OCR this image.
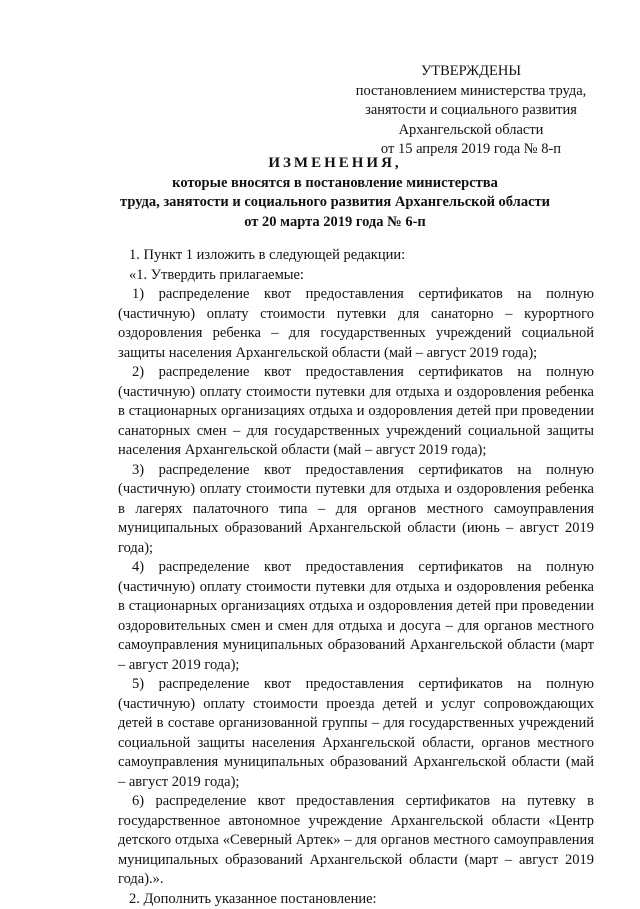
УТВЕРЖДЕНЫ
постановлением министерства труда,
занятости и социального развития
Архангельской области
от 15 апреля 2019 года № 8-п
ИЗМЕНЕНИЯ,
которые вносятся в постановление министерства
труда, занятости и социального развития Архангельской области
от 20 марта 2019 года № 6-п

1. Пункт 1 изложить в следующей редакции:

«1. Утвердить прилагаемые:

1) распределение квот предоставления сертификатов на полную (частичную) оплату стоимости путевки для санаторно – курортного оздоровления ребенка – для государственных учреждений социальной защиты населения Архангельской области (май – август 2019 года);

2) распределение квот предоставления сертификатов на полную (частичную) оплату стоимости путевки для отдыха и оздоровления ребенка в стационарных организациях отдыха и оздоровления детей при проведении санаторных смен – для государственных учреждений социальной защиты населения Архангельской области (май – август 2019 года);

3) распределение квот предоставления сертификатов на полную (частичную) оплату стоимости путевки для отдыха и оздоровления ребенка в лагерях палаточного типа – для органов местного самоуправления муниципальных образований Архангельской области (июнь – август 2019 года);

4) распределение квот предоставления сертификатов на полную (частичную) оплату стоимости путевки для отдыха и оздоровления ребенка в стационарных организациях отдыха и оздоровления детей при проведении оздоровительных смен и смен для отдыха и досуга – для органов местного самоуправления муниципальных образований Архангельской области (март – август 2019 года);

5) распределение квот предоставления сертификатов на полную (частичную) оплату стоимости проезда детей и услуг сопровождающих детей в составе организованной группы – для государственных учреждений социальной защиты населения Архангельской области, органов местного самоуправления муниципальных образований Архангельской области (май – август 2019 года);

6) распределение квот предоставления сертификатов на путевку в государственное автономное учреждение Архангельской области «Центр детского отдыха «Северный Артек» – для органов местного самоуправления муниципальных образований Архангельской области (март – август 2019 года).».

2. Дополнить указанное постановление:
